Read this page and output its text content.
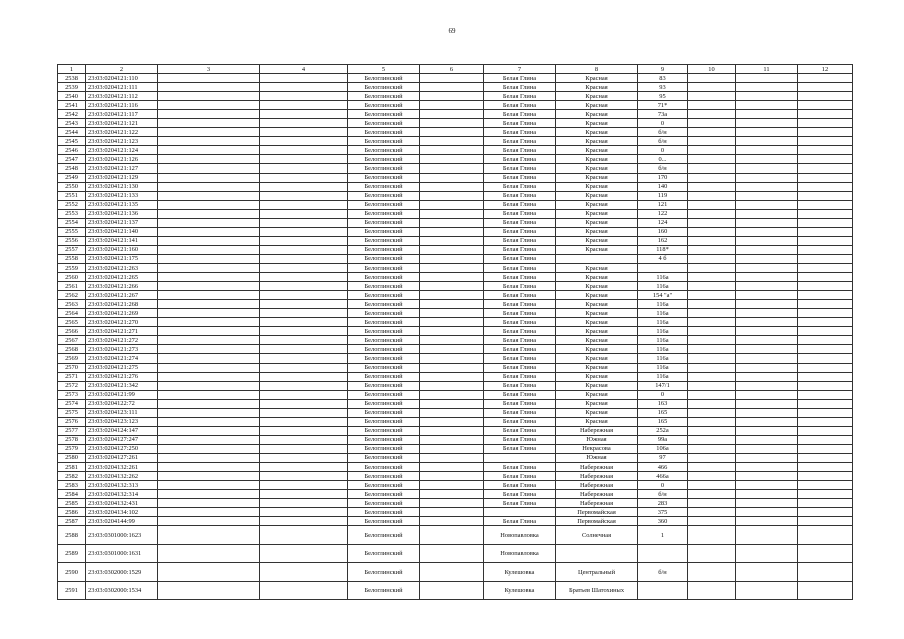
69
1	2	3	4	5	6	7	8	9	10	11	12
2538	23:03:0204121:110			Белоглинский		Белая Глина	Красная	83			
2539	23:03:0204121:111			Белоглинский		Белая Глина	Красная	93			
2540	23:03:0204121:112			Белоглинский		Белая Глина	Красная	95			
2541	23:03:0204121:116			Белоглинский		Белая Глина	Красная	71*			
2542	23:03:0204121:117			Белоглинский		Белая Глина	Красная	73а			
2543	23:03:0204121:121			Белоглинский		Белая Глина	Красная	0			
2544	23:03:0204121:122			Белоглинский		Белая Глина	Красная	б/н			
2545	23:03:0204121:123			Белоглинский		Белая Глина	Красная	б/н			
2546	23:03:0204121:124			Белоглинский		Белая Глина	Красная	0			
2547	23:03:0204121:126			Белоглинский		Белая Глина	Красная	0...			
2548	23:03:0204121:127			Белоглинский		Белая Глина	Красная	б/н			
2549	23:03:0204121:129			Белоглинский		Белая Глина	Красная	170			
2550	23:03:0204121:130			Белоглинский		Белая Глина	Красная	140			
2551	23:03:0204121:133			Белоглинский		Белая Глина	Красная	119			
2552	23:03:0204121:135			Белоглинский		Белая Глина	Красная	121			
2553	23:03:0204121:136			Белоглинский		Белая Глина	Красная	122			
2554	23:03:0204121:137			Белоглинский		Белая Глина	Красная	124			
2555	23:03:0204121:140			Белоглинский		Белая Глина	Красная	160			
2556	23:03:0204121:141			Белоглинский		Белая Глина	Красная	162			
2557	23:03:0204121:160			Белоглинский		Белая Глина	Красная	118*			
2558	23:03:0204121:175			Белоглинский		Белая Глина		4 б			
2559	23:03:0204121:263			Белоглинский		Белая Глина	Красная				
2560	23:03:0204121:265			Белоглинский		Белая Глина	Красная	116а			
2561	23:03:0204121:266			Белоглинский		Белая Глина	Красная	116а			
2562	23:03:0204121:267			Белоглинский		Белая Глина	Красная	154 "а"			
2563	23:03:0204121:268			Белоглинский		Белая Глина	Красная	116а			
2564	23:03:0204121:269			Белоглинский		Белая Глина	Красная	116а			
2565	23:03:0204121:270			Белоглинский		Белая Глина	Красная	116а			
2566	23:03:0204121:271			Белоглинский		Белая Глина	Красная	116а			
2567	23:03:0204121:272			Белоглинский		Белая Глина	Красная	116а			
2568	23:03:0204121:273			Белоглинский		Белая Глина	Красная	116а			
2569	23:03:0204121:274			Белоглинский		Белая Глина	Красная	116а			
2570	23:03:0204121:275			Белоглинский		Белая Глина	Красная	116а			
2571	23:03:0204121:276			Белоглинский		Белая Глина	Красная	116а			
2572	23:03:0204121:342			Белоглинский		Белая Глина	Красная	147/1			
2573	23:03:0204121:99			Белоглинский		Белая Глина	Красная	0			
2574	23:03:0204122:72			Белоглинский		Белая Глина	Красная	163			
2575	23:03:0204123:111			Белоглинский		Белая Глина	Красная	165			
2576	23:03:0204123:123			Белоглинский		Белая Глина	Красная	165			
2577	23:03:0204124:147			Белоглинский		Белая Глина	Набережная	252а			
2578	23:03:0204127:247			Белоглинский		Белая Глина	Южная	99а			
2579	23:03:0204127:250			Белоглинский		Белая Глина	Некрасова	106а			
2580	23:03:0204127:261			Белоглинский			Южная	97			
2581	23:03:0204132:261			Белоглинский		Белая Глина	Набережная	466			
2582	23:03:0204132:262			Белоглинский		Белая Глина	Набережная	466а			
2583	23:03:0204132:313			Белоглинский		Белая Глина	Набережная	0			
2584	23:03:0204132:314			Белоглинский		Белая Глина	Набережная	б/н			
2585	23:03:0204132:431			Белоглинский		Белая Глина	Набережная	283			
2586	23:03:0204134:102			Белоглинский			Первомайская	375			
2587	23:03:0204144:99			Белоглинский		Белая Глина	Первомайская	360			
2588	23:03:0301000:1623			Белоглинский		Новопавловка	Солнечная	1			
2589	23:03:0301000:1631			Белоглинский		Новопавловка					
2590	23:03:0302000:1529			Белоглинский		Кулешовка	Центральный	б/н			
2591	23:03:0302000:1534			Белоглинский		Кулешовка	Братьев Шатохиных				
